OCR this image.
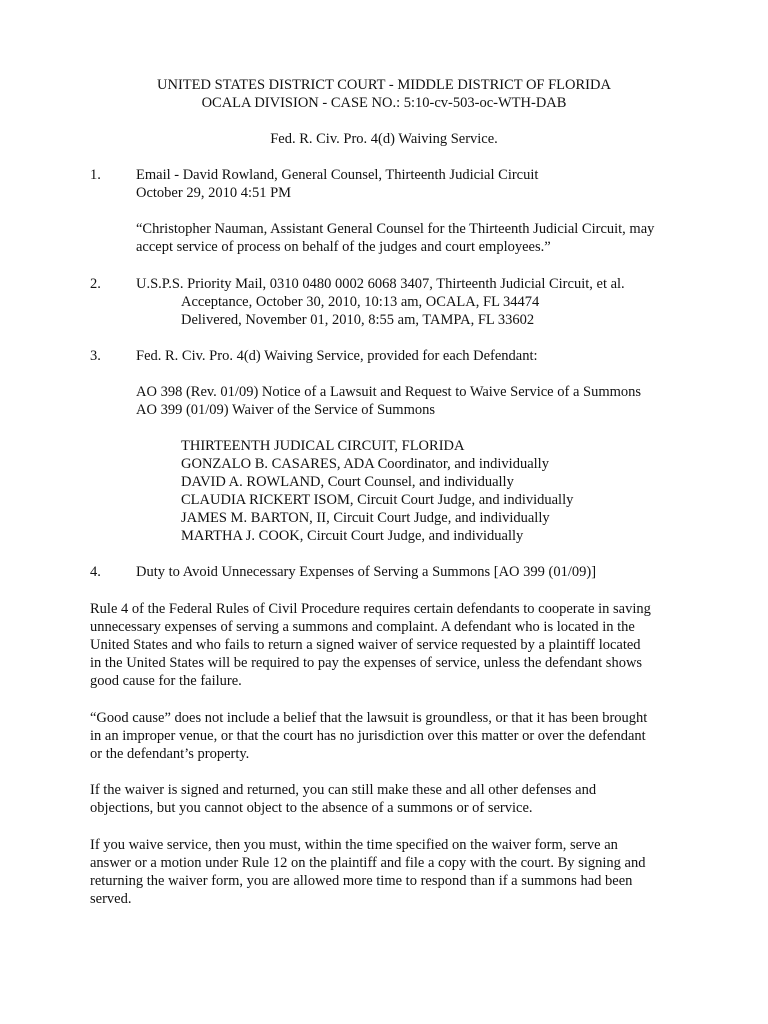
UNITED STATES DISTRICT COURT - MIDDLE DISTRICT OF FLORIDA
OCALA DIVISION - CASE NO.: 5:10-cv-503-oc-WTH-DAB
Fed. R. Civ. Pro. 4(d) Waiving Service.
1. Email - David Rowland, General Counsel, Thirteenth Judicial Circuit
October 29, 2010 4:51 PM
“Christopher Nauman, Assistant General Counsel for the Thirteenth Judicial Circuit, may
accept service of process on behalf of the judges and court employees.”
2. U.S.P.S. Priority Mail, 0310 0480 0002 6068 3407, Thirteenth Judicial Circuit, et al.
Acceptance, October 30, 2010, 10:13 am, OCALA, FL 34474
Delivered, November 01, 2010, 8:55 am, TAMPA, FL 33602
3. Fed. R. Civ. Pro. 4(d) Waiving Service, provided for each Defendant:
AO 398 (Rev. 01/09) Notice of a Lawsuit and Request to Waive Service of a Summons
AO 399 (01/09) Waiver of the Service of Summons
THIRTEENTH JUDICAL CIRCUIT, FLORIDA
GONZALO B. CASARES, ADA Coordinator, and individually
DAVID A. ROWLAND, Court Counsel, and individually
CLAUDIA RICKERT ISOM, Circuit Court Judge, and individually
JAMES M. BARTON, II, Circuit Court Judge, and individually
MARTHA J. COOK, Circuit Court Judge, and individually
4. Duty to Avoid Unnecessary Expenses of Serving a Summons [AO 399 (01/09)]
Rule 4 of the Federal Rules of Civil Procedure requires certain defendants to cooperate in saving
unnecessary expenses of serving a summons and complaint. A defendant who is located in the
United States and who fails to return a signed waiver of service requested by a plaintiff located
in the United States will be required to pay the expenses of service, unless the defendant shows
good cause for the failure.
“Good cause” does not include a belief that the lawsuit is groundless, or that it has been brought
in an improper venue, or that the court has no jurisdiction over this matter or over the defendant
or the defendant’s property.
If the waiver is signed and returned, you can still make these and all other defenses and
objections, but you cannot object to the absence of a summons or of service.
If you waive service, then you must, within the time specified on the waiver form, serve an
answer or a motion under Rule 12 on the plaintiff and file a copy with the court. By signing and
returning the waiver form, you are allowed more time to respond than if a summons had been
served.
